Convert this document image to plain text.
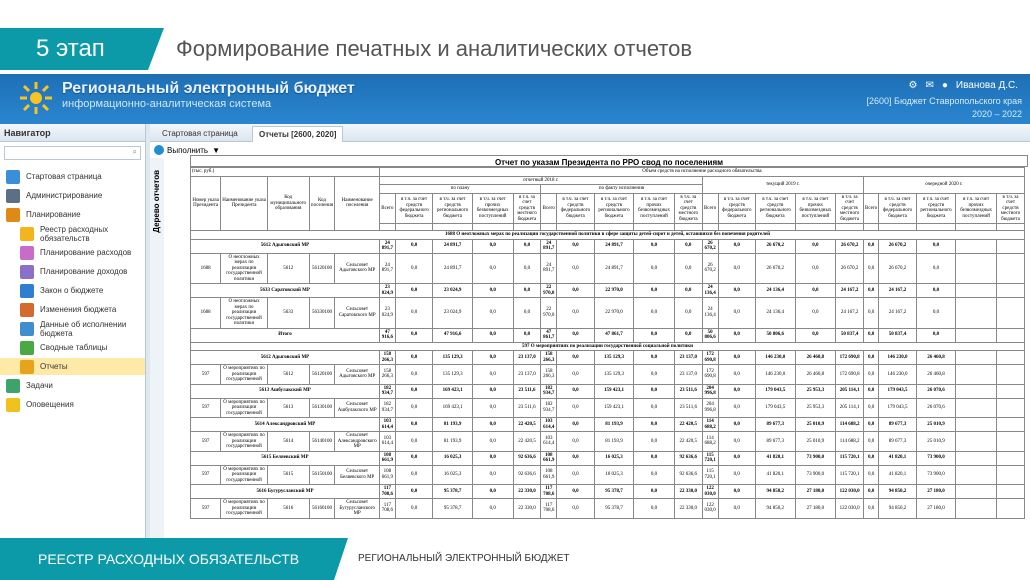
5 этап	Формирование печатных и аналитических отчетов
Региональный электронный бюджет
информационно-аналитическая система
⚙ ✉ ● Иванова Д.С.
[2600] Бюджет Ставропольского края
2020 – 2022
Навигатор
⌕
Стартовая страница
Администрирование
Планирование
Реестр расходных обязательств
Планирование расходов
Планирование доходов
Закон о бюджете
Изменения бюджета
Данные об исполнении бюджета
Сводные таблицы
Отчеты
Задачи
Оповещения
Стартовая страница	Отчеты [2600, 2020]
Выполнить ▼
Дерево отчетов
Отчет по указам Президента по РРО свод по поселениям
(тыс. руб.)					Объем средств на исполнение расходного обязательства																			
Номер указа Президента	Наименование указа Президента	Код муниципального образования	Код поселения	Наименование поселения	отчетный 2018 г.										текущий 2019 г.					очередной 2020 г.				
					по плану					по факту исполнения														
					Всего	в т.ч. за счет средств федерального бюджета	в т.ч. за счет средств регионального бюджета	в т.ч. за счет прочих безвозмездных поступлений	в т.ч. за счет средств местного бюджета	Всего	в т.ч. за счет средств федерального бюджета	в т.ч. за счет средств регионального бюджета	в т.ч. за счет прочих безвозмездных поступлений	в т.ч. за счет средств местного бюджета	Всего	в т.ч. за счет средств федерального бюджета	в т.ч. за счет средств регионального бюджета	в т.ч. за счет прочих безвозмездных поступлений	в т.ч. за счет средств местного бюджета	Всего	в т.ч. за счет средств федерального бюджета	в т.ч. за счет средств регионального бюджета	в т.ч. за счет прочих безвозмездных поступлений	в т.ч. за счет средств местного бюджета

1688 О неотложных мерах по реализации государственной политики в сфере защиты детей-сирот и детей, оставшихся без попечения родителей																								
5612 Адыговский МР					24 891,7	0,0	24 891,7	0,0	0,0	24 891,7	0,0	24 891,7	0,0	0,0	26 670,2	0,0	26 670,2	0,0	26 670,2	0,0	26 670,2	0,0		
1688	О неотложных мерах по реализации государственной политики	5612	56120100	Сельсовет Адыговского МР	24 891,7	0,0	24 891,7	0,0	0,0	24 891,7	0,0	24 891,7	0,0	0,0	26 670,2	0,0	26 670,2	0,0	26 670,2	0,0	26 670,2	0,0		
5633 Саратовский МР					23 024,9	0,0	23 024,9	0,0	0,0	22 970,0	0,0	22 970,0	0,0	0,0	24 136,4	0,0	24 136,4	0,0	24 167,2	0,0	24 167,2	0,0		
1688	О неотложных мерах по реализации государственной политики	5633	56330100	Сельсовет Саратовского МР	23 024,9	0,0	23 024,9	0,0	0,0	22 970,0	0,0	22 970,0	0,0	0,0	24 136,4	0,0	24 136,4	0,0	24 167,2	0,0	24 167,2	0,0		
Итого					47 916,6	0,0	47 916,6	0,0	0,0	47 861,7	0,0	47 861,7	0,0	0,0	50 806,6	0,0	50 806,6	0,0	50 837,4	0,0	50 837,4	0,0		
597 О мероприятиях по реализации государственной социальной политики																								
5612 Адыговский МР					158 266,3	0,0	135 129,3	0,0	23 137,0	158 266,3	0,0	135 129,3	0,0	23 137,0	172 690,8	0,0	146 230,0	26 460,8	172 690,8	0,0	146 230,0	26 460,8		
597	О мероприятиях по реализации государственной	5612	56120100	Сельсовет Адыговского МР	158 266,3	0,0	135 129,3	0,0	23 137,0	158 266,3	0,0	135 129,3	0,0	23 137,0	172 690,8	0,0	146 230,0	26 460,8	172 690,8	0,0	146 230,0	26 460,8		
5613 Ашбулакский МР					182 934,7	0,0	169 423,1	0,0	23 511,6	182 934,7	0,0	159 423,1	0,0	23 511,6	204 996,8	0,0	179 043,5	25 953,3	205 114,1	0,0	179 043,5	26 070,6		
597	О мероприятиях по реализации государственной	5613	56130100	Сельсовет Ашбулакского МР	182 934,7	0,0	169 423,1	0,0	23 511,6	182 934,7	0,0	159 423,1	0,0	23 511,6	204 996,8	0,0	179 043,5	25 953,3	205 114,1	0,0	179 043,5	26 070,6		
5614 Александровский МР					103 614,4	0,0	81 193,9	0,0	22 420,5	103 614,4	0,0	81 193,9	0,0	22 420,5	114 688,2	0,0	89 677,3	25 010,9	114 688,2	0,0	89 677,3	25 010,9		
597	О мероприятиях по реализации государственной	5614	56140100	Сельсовет Александровского МР	103 614,4	0,0	81 193,9	0,0	22 420,5	103 614,4	0,0	81 193,9	0,0	22 420,5	114 688,2	0,0	89 677,3	25 010,9	114 688,2	0,0	89 677,3	25 010,9		
5615 Беляевский МР					108 661,9	0,0	16 025,3	0,0	92 636,6	108 661,9	0,0	16 025,3	0,0	92 636,6	115 720,1	0,0	41 820,1	73 900,0	115 720,1	0,0	41 820,1	73 900,0		
597	О мероприятиях по реализации государственной	5615	56150100	Сельсовет Беляевского МР	108 661,9	0,0	16 025,3	0,0	92 636,6	108 661,9	0,0	16 025,3	0,0	92 636,6	115 720,1	0,0	41 820,1	73 900,0	115 720,1	0,0	41 820,1	73 900,0		
5616 Бугурусланский МР					117 708,6	0,0	95 378,7	0,0	22 330,0	117 708,6	0,0	95 378,7	0,0	22 330,0	122 030,0	0,0	94 850,2	27 180,0	122 030,0	0,0	94 850,2	27 180,0		
597	О мероприятиях по реализации государственной	5616	56160100	Сельсовет Бугурусланского МР	117 708,6	0,0	95 378,7	0,0	22 330,0	117 708,6	0,0	95 378,7	0,0	22 330,0	122 030,0	0,0	94 850,2	27 180,0	122 030,0	0,0	94 850,2	27 180,0		
РЕЕСТР РАСХОДНЫХ ОБЯЗАТЕЛЬСТВ	РЕГИОНАЛЬНЫЙ ЭЛЕКТРОННЫЙ БЮДЖЕТ
